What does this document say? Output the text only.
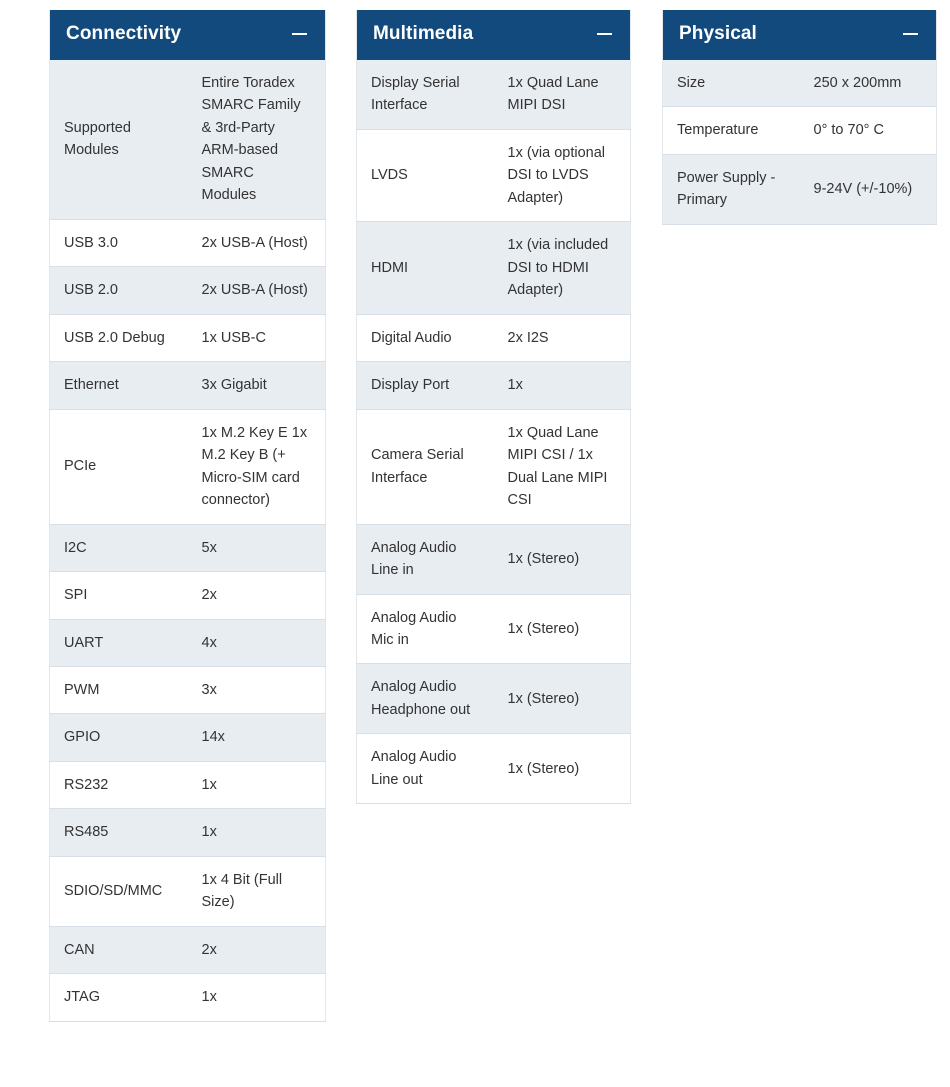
Connectivity	

Supported Modules	Entire Toradex SMARC Family & 3rd-Party ARM-based SMARC Modules
USB 3.0	2x USB-A (Host)
USB 2.0	2x USB-A (Host)
USB 2.0 Debug	1x USB-C
Ethernet	3x Gigabit
PCIe	1x M.2 Key E 1x M.2 Key B (+ Micro-SIM card connector)
I2C	5x
SPI	2x
UART	4x
PWM	3x
GPIO	14x
RS232	1x
RS485	1x
SDIO/SD/MMC	1x 4 Bit (Full Size)
CAN	2x
JTAG	1x
Multimedia	

Display Serial Interface	1x Quad Lane MIPI DSI
LVDS	1x (via optional DSI to LVDS Adapter)
HDMI	1x (via included DSI to HDMI Adapter)
Digital Audio	2x I2S
Display Port	1x
Camera Serial Interface	1x Quad Lane MIPI CSI / 1x Dual Lane MIPI CSI
Analog Audio Line in	1x (Stereo)
Analog Audio Mic in	1x (Stereo)
Analog Audio Headphone out	1x (Stereo)
Analog Audio Line out	1x (Stereo)
Physical	

Size	250 x 200mm
Temperature	0° to 70° C
Power Supply - Primary	9-24V (+/-10%)
